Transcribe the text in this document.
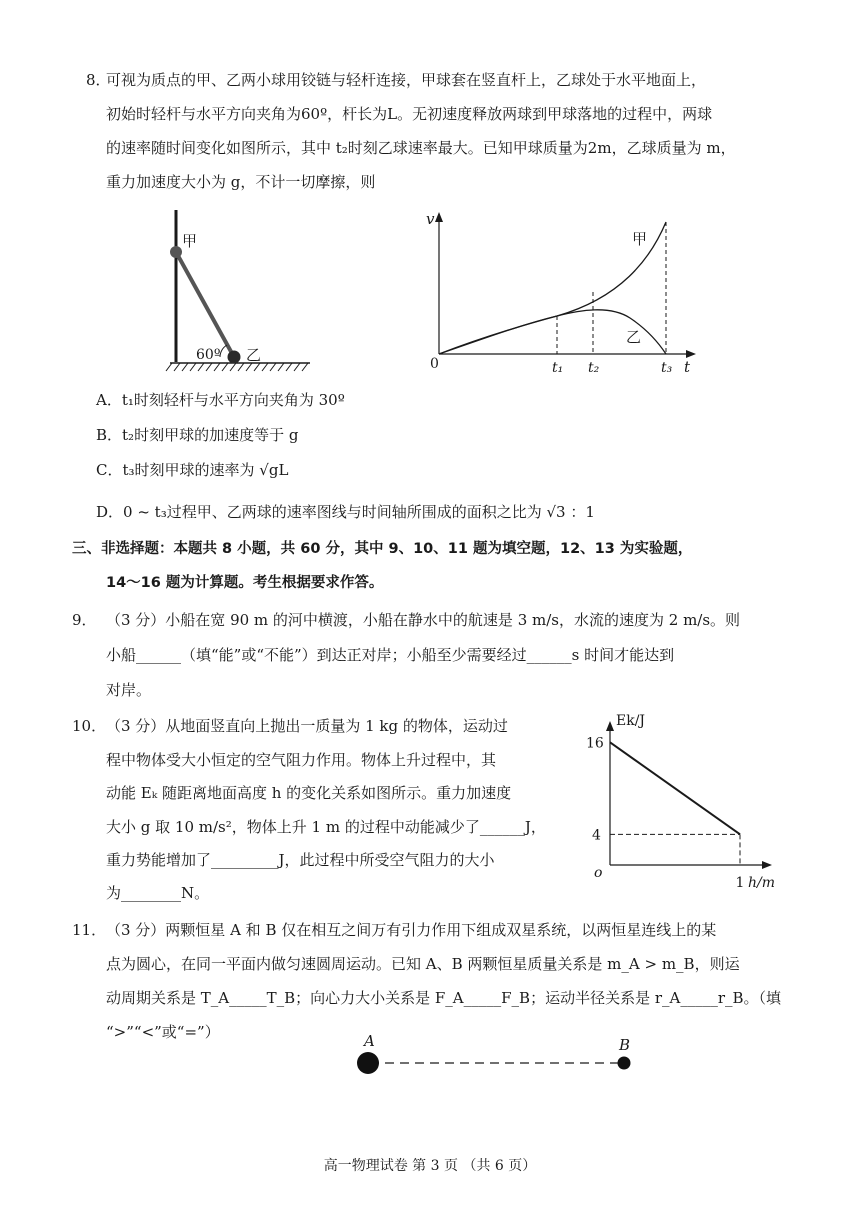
8．
可视为质点的甲、乙两小球用铰链与轻杆连接，甲球套在竖直杆上，乙球处于水平地面上，
初始时轻杆与水平方向夹角为60º，杆长为L。无初速度释放两球到甲球落地的过程中，两球
的速率随时间变化如图所示，其中 t₂时刻乙球速率最大。已知甲球质量为2m，乙球质量为 m，
重力加速度大小为 g，不计一切摩擦，则
甲
乙
60º
v
t
0	t₁ t₂	t₃
甲
乙
A．t₁时刻轻杆与水平方向夹角为 30º
B．t₂时刻甲球的加速度等于 g
C．t₃时刻甲球的速率为 √gL
D．0 ~ t₃过程甲、乙两球的速率图线与时间轴所围成的面积之比为 √3 ：1
三、非选择题：本题共 8 小题，共 60 分，其中 9、10、11 题为填空题，12、13 为实验题，
14～16 题为计算题。考生根据要求作答。
9． （3 分）小船在宽 90 m 的河中横渡，小船在静水中的航速是 3 m/s，水流的速度为 2 m/s。则
小船______（填“能”或“不能”）到达正对岸；小船至少需要经过______s 时间才能达到
对岸。
10． （3 分）从地面竖直向上抛出一质量为 1 kg 的物体，运动过
程中物体受大小恒定的空气阻力作用。物体上升过程中，其
动能 Eₖ 随距离地面高度 h 的变化关系如图所示。重力加速度
大小 g 取 10 m/s²，物体上升 1 m 的过程中动能减少了______J，
重力势能增加了_________J，此过程中所受空气阻力的大小
为________N。
Ek/J
h/m
16
4
1
o
11． （3 分）两颗恒星 A 和 B 仅在相互之间万有引力作用下组成双星系统，以两恒星连线上的某
点为圆心，在同一平面内做匀速圆周运动。已知 A、B 两颗恒星质量关系是 m_A > m_B，则运
动周期关系是 T_A_____T_B；向心力大小关系是 F_A_____F_B；运动半径关系是 r_A_____r_B。（填
“>”“<”或“=”）	A	B
高一物理试卷 第 3 页 （共 6 页）
